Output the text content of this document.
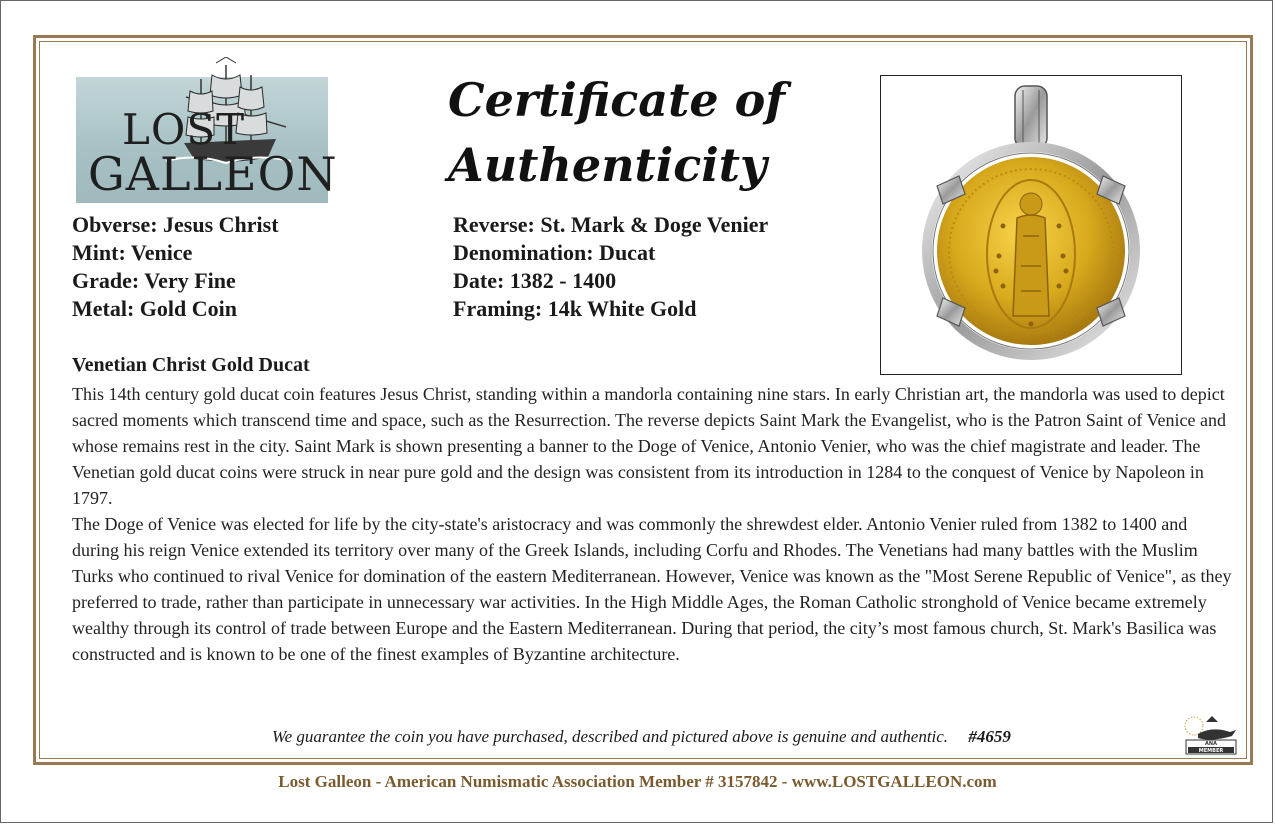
LOST
GALLEON
Certificate of Authenticity
Obverse: Jesus Christ
Mint: Venice
Grade: Very Fine
Metal: Gold Coin
Reverse: St. Mark & Doge Venier
Denomination: Ducat
Date: 1382 - 1400
Framing: 14k White Gold
Venetian Christ Gold Ducat

This 14th century gold ducat coin features Jesus Christ, standing within a mandorla containing nine stars. In early Christian art, the mandorla was used to depict sacred moments which transcend time and space, such as the Resurrection. The reverse depicts Saint Mark the Evangelist, who is the Patron Saint of Venice and whose remains rest in the city. Saint Mark is shown presenting a banner to the Doge of Venice, Antonio Venier, who was the chief magistrate and leader. The Venetian gold ducat coins were struck in near pure gold and the design was consistent from its introduction in 1284 to the conquest of Venice by Napoleon in 1797.

The Doge of Venice was elected for life by the city-state's aristocracy and was commonly the shrewdest elder. Antonio Venier ruled from 1382 to 1400 and during his reign Venice extended its territory over many of the Greek Islands, including Corfu and Rhodes. The Venetians had many battles with the Muslim Turks who continued to rival Venice for domination of the eastern Mediterranean. However, Venice was known as the "Most Serene Republic of Venice", as they preferred to trade, rather than participate in unnecessary war activities. In the High Middle Ages, the Roman Catholic stronghold of Venice became extremely wealthy through its control of trade between Europe and the Eastern Mediterranean. During that period, the city’s most famous church, St. Mark's Basilica was constructed and is known to be one of the finest examples of Byzantine architecture.

We guarantee the coin you have purchased, described and pictured above is genuine and authentic. #4659	ANA
MEMBER
Lost Galleon - American Numismatic Association Member # 3157842 - www.LOSTGALLEON.com
